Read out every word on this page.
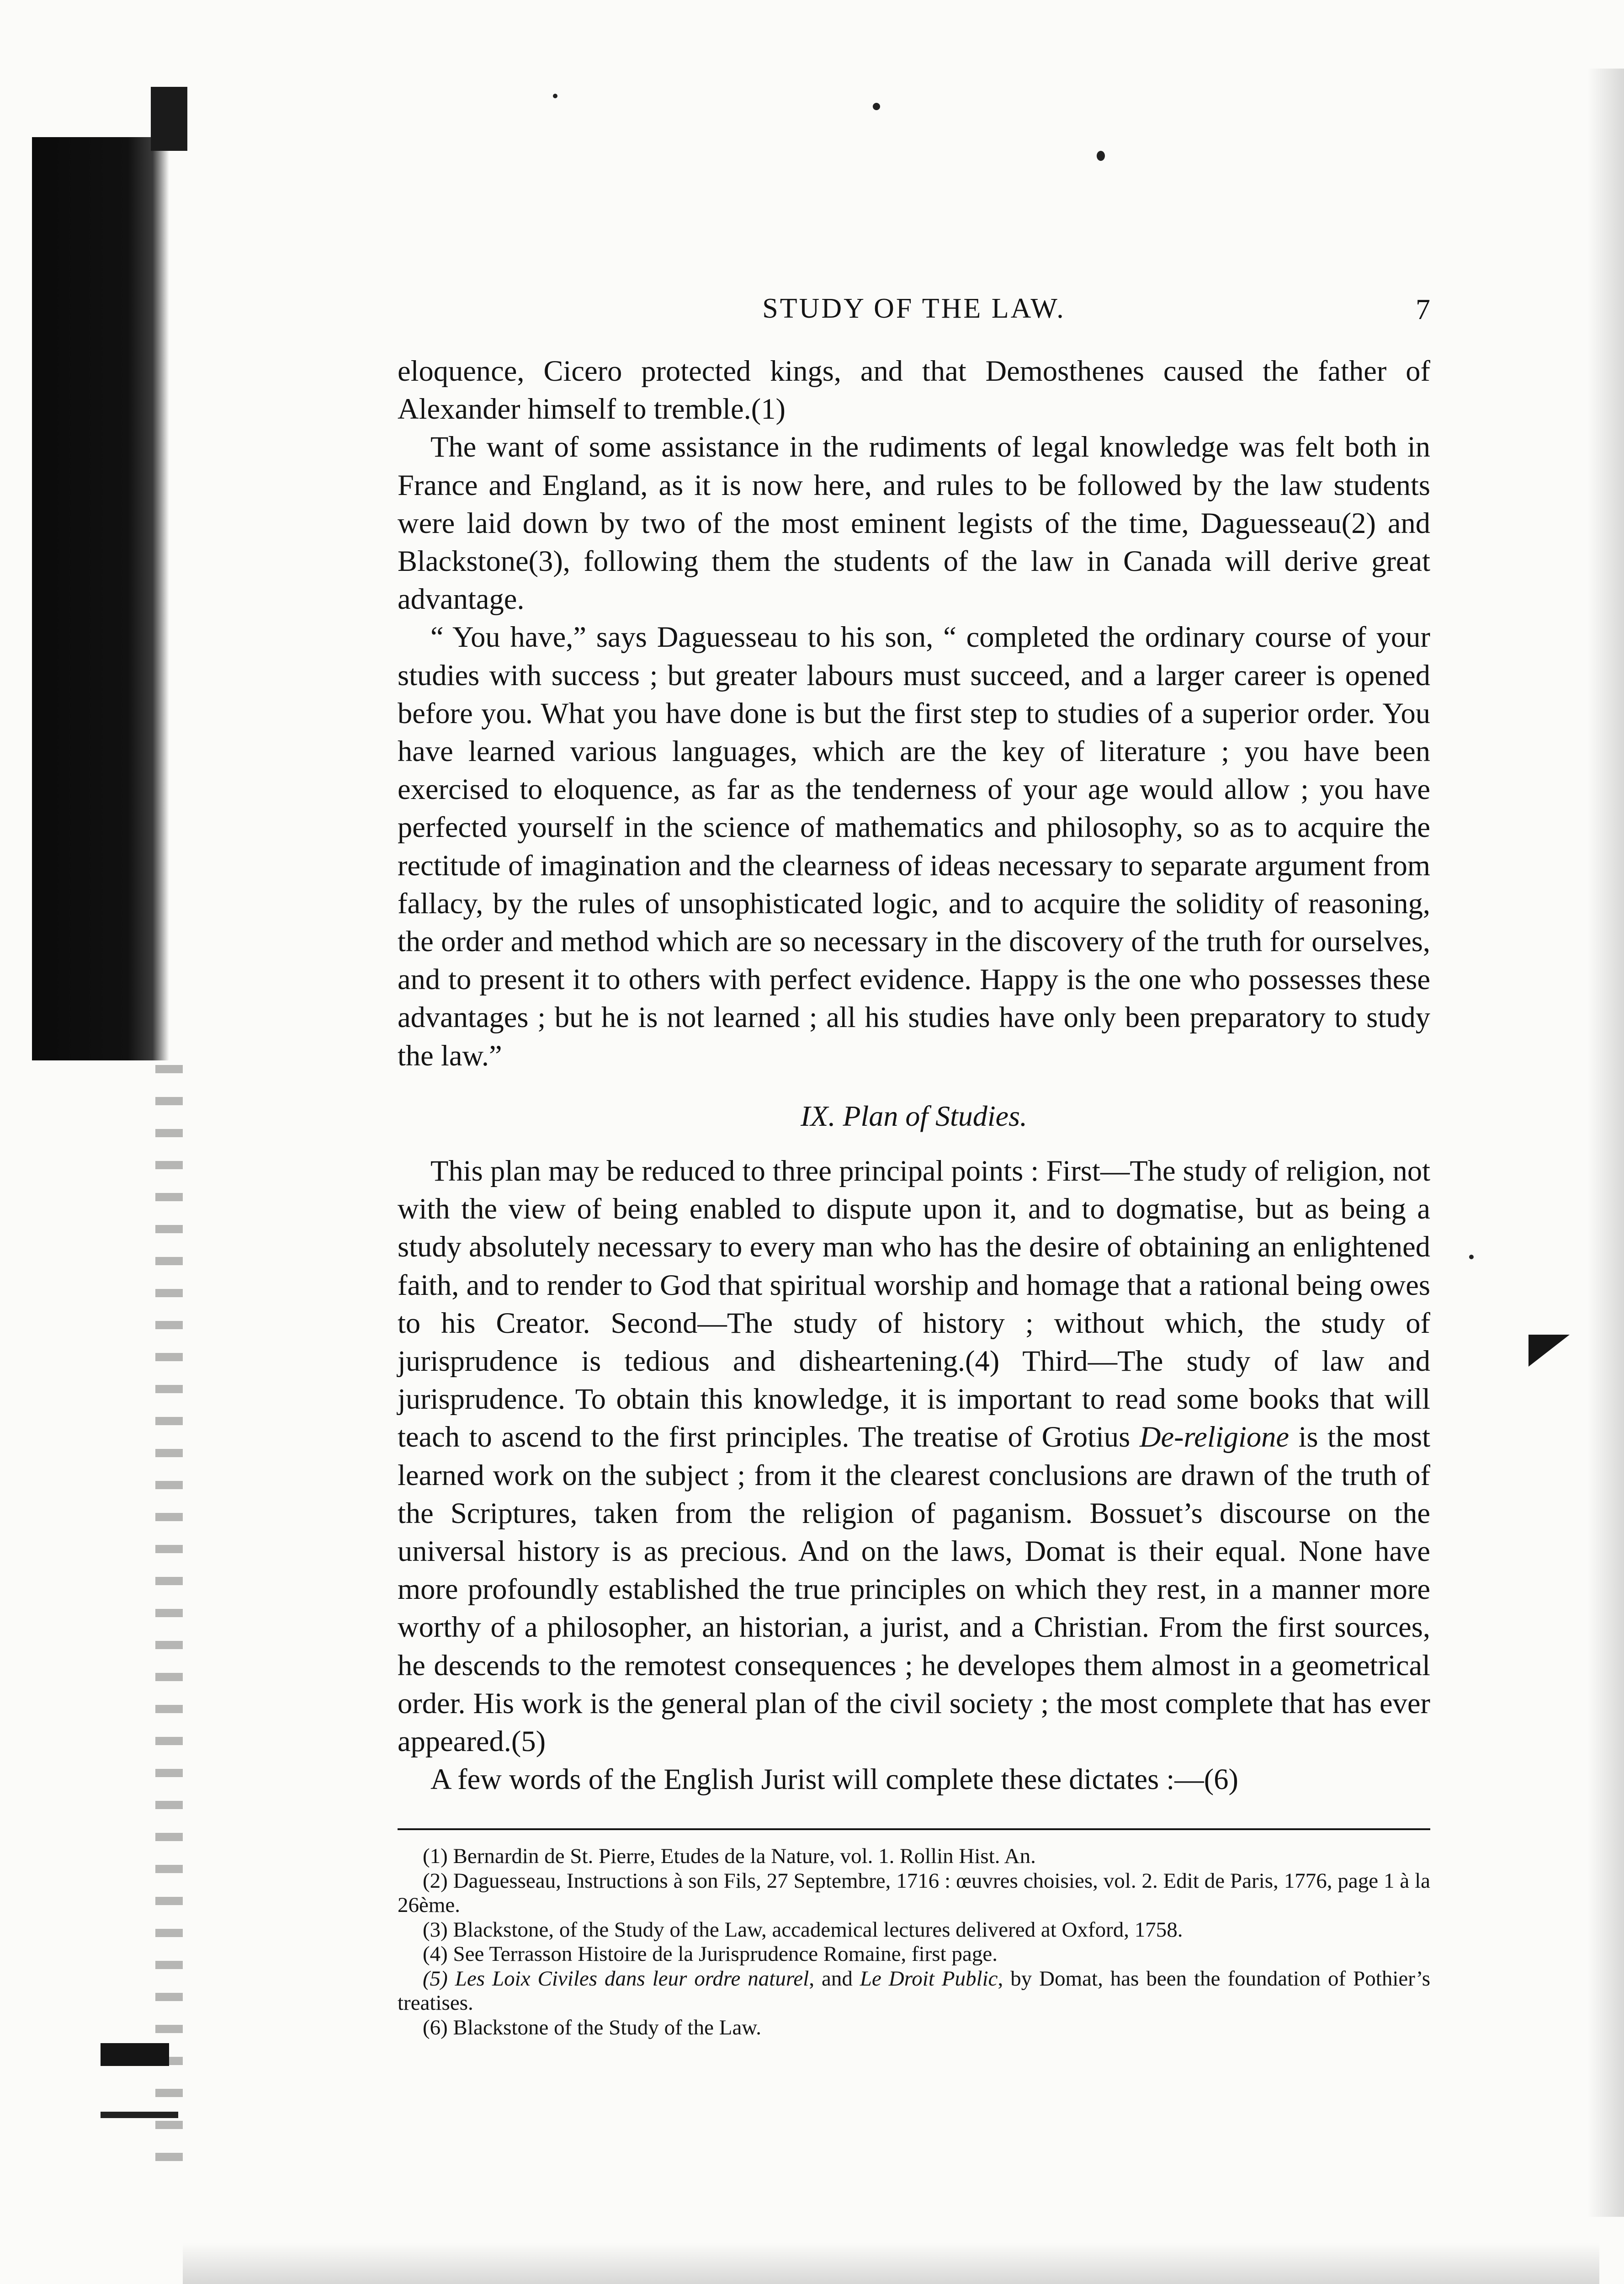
STUDY OF THE LAW.	7

eloquence, Cicero protected kings, and that Demosthenes caused the father of Alexander himself to tremble.(1)

The want of some assistance in the rudiments of legal knowledge was felt both in France and England, as it is now here, and rules to be followed by the law students were laid down by two of the most eminent legists of the time, Daguesseau(2) and Blackstone(3), following them the students of the law in Canada will derive great advantage.

“ You have,” says Daguesseau to his son, “ completed the ordinary course of your studies with success ; but greater labours must succeed, and a larger career is opened before you. What you have done is but the first step to studies of a superior order. You have learned various languages, which are the key of literature ; you have been exercised to eloquence, as far as the tenderness of your age would allow ; you have perfected yourself in the science of mathematics and philosophy, so as to acquire the rectitude of imagination and the clearness of ideas necessary to separate argument from fallacy, by the rules of unsophisticated logic, and to acquire the solidity of reasoning, the order and method which are so necessary in the discovery of the truth for ourselves, and to present it to others with perfect evidence. Happy is the one who possesses these advantages ; but he is not learned ; all his studies have only been preparatory to study the law.”

IX. Plan of Studies.

This plan may be reduced to three principal points : First—The study of religion, not with the view of being enabled to dispute upon it, and to dogmatise, but as being a study absolutely necessary to every man who has the desire of obtaining an enlightened faith, and to render to God that spiritual worship and homage that a rational being owes to his Creator. Second—The study of history ; without which, the study of jurisprudence is tedious and disheartening.(4) Third—The study of law and jurisprudence. To obtain this knowledge, it is important to read some books that will teach to ascend to the first principles. The treatise of Grotius De-religione is the most learned work on the subject ; from it the clearest conclusions are drawn of the truth of the Scriptures, taken from the religion of paganism. Bossuet’s discourse on the universal history is as precious. And on the laws, Domat is their equal. None have more profoundly established the true principles on which they rest, in a manner more worthy of a philosopher, an historian, a jurist, and a Christian. From the first sources, he descends to the remotest consequences ; he developes them almost in a geometrical order. His work is the general plan of the civil society ; the most complete that has ever appeared.(5)

A few words of the English Jurist will complete these dictates :—(6)

(1) Bernardin de St. Pierre, Etudes de la Nature, vol. 1. Rollin Hist. An.

(2) Daguesseau, Instructions à son Fils, 27 Septembre, 1716 : œuvres choisies, vol. 2. Edit de Paris, 1776, page 1 à la 26ème.

(3) Blackstone, of the Study of the Law, accademical lectures delivered at Oxford, 1758.

(4) See Terrasson Histoire de la Jurisprudence Romaine, first page.

(5) Les Loix Civiles dans leur ordre naturel, and Le Droit Public, by Domat, has been the foundation of Pothier’s treatises.

(6) Blackstone of the Study of the Law.
